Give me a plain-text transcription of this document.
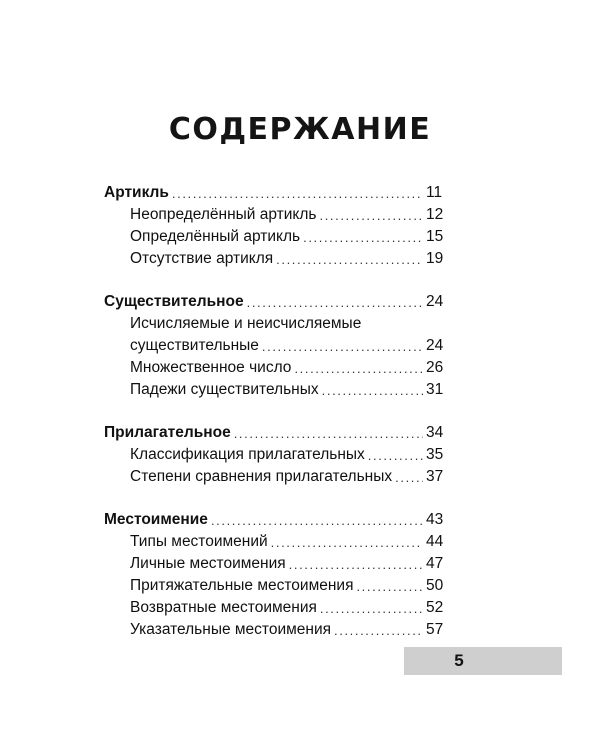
СОДЕРЖАНИЕ
Артикль .....	11
Неопределённый артикль .....	12
Определённый артикль .....	15
Отсутствие артикля .....	19
Существительное .....	24
Исчисляемые и неисчисляемые
существительные .....	24
Множественное число .....	26
Падежи существительных .....	31
Прилагательное .....	34
Классификация прилагательных .....	35
Степени сравнения прилагательных ..... 37
Местоимение .....	43
Типы местоимений .....	44
Личные местоимения .....	47
Притяжательные местоимения .....	50
Возвратные местоимения .....	52
Указательные местоимения .....	57
5
